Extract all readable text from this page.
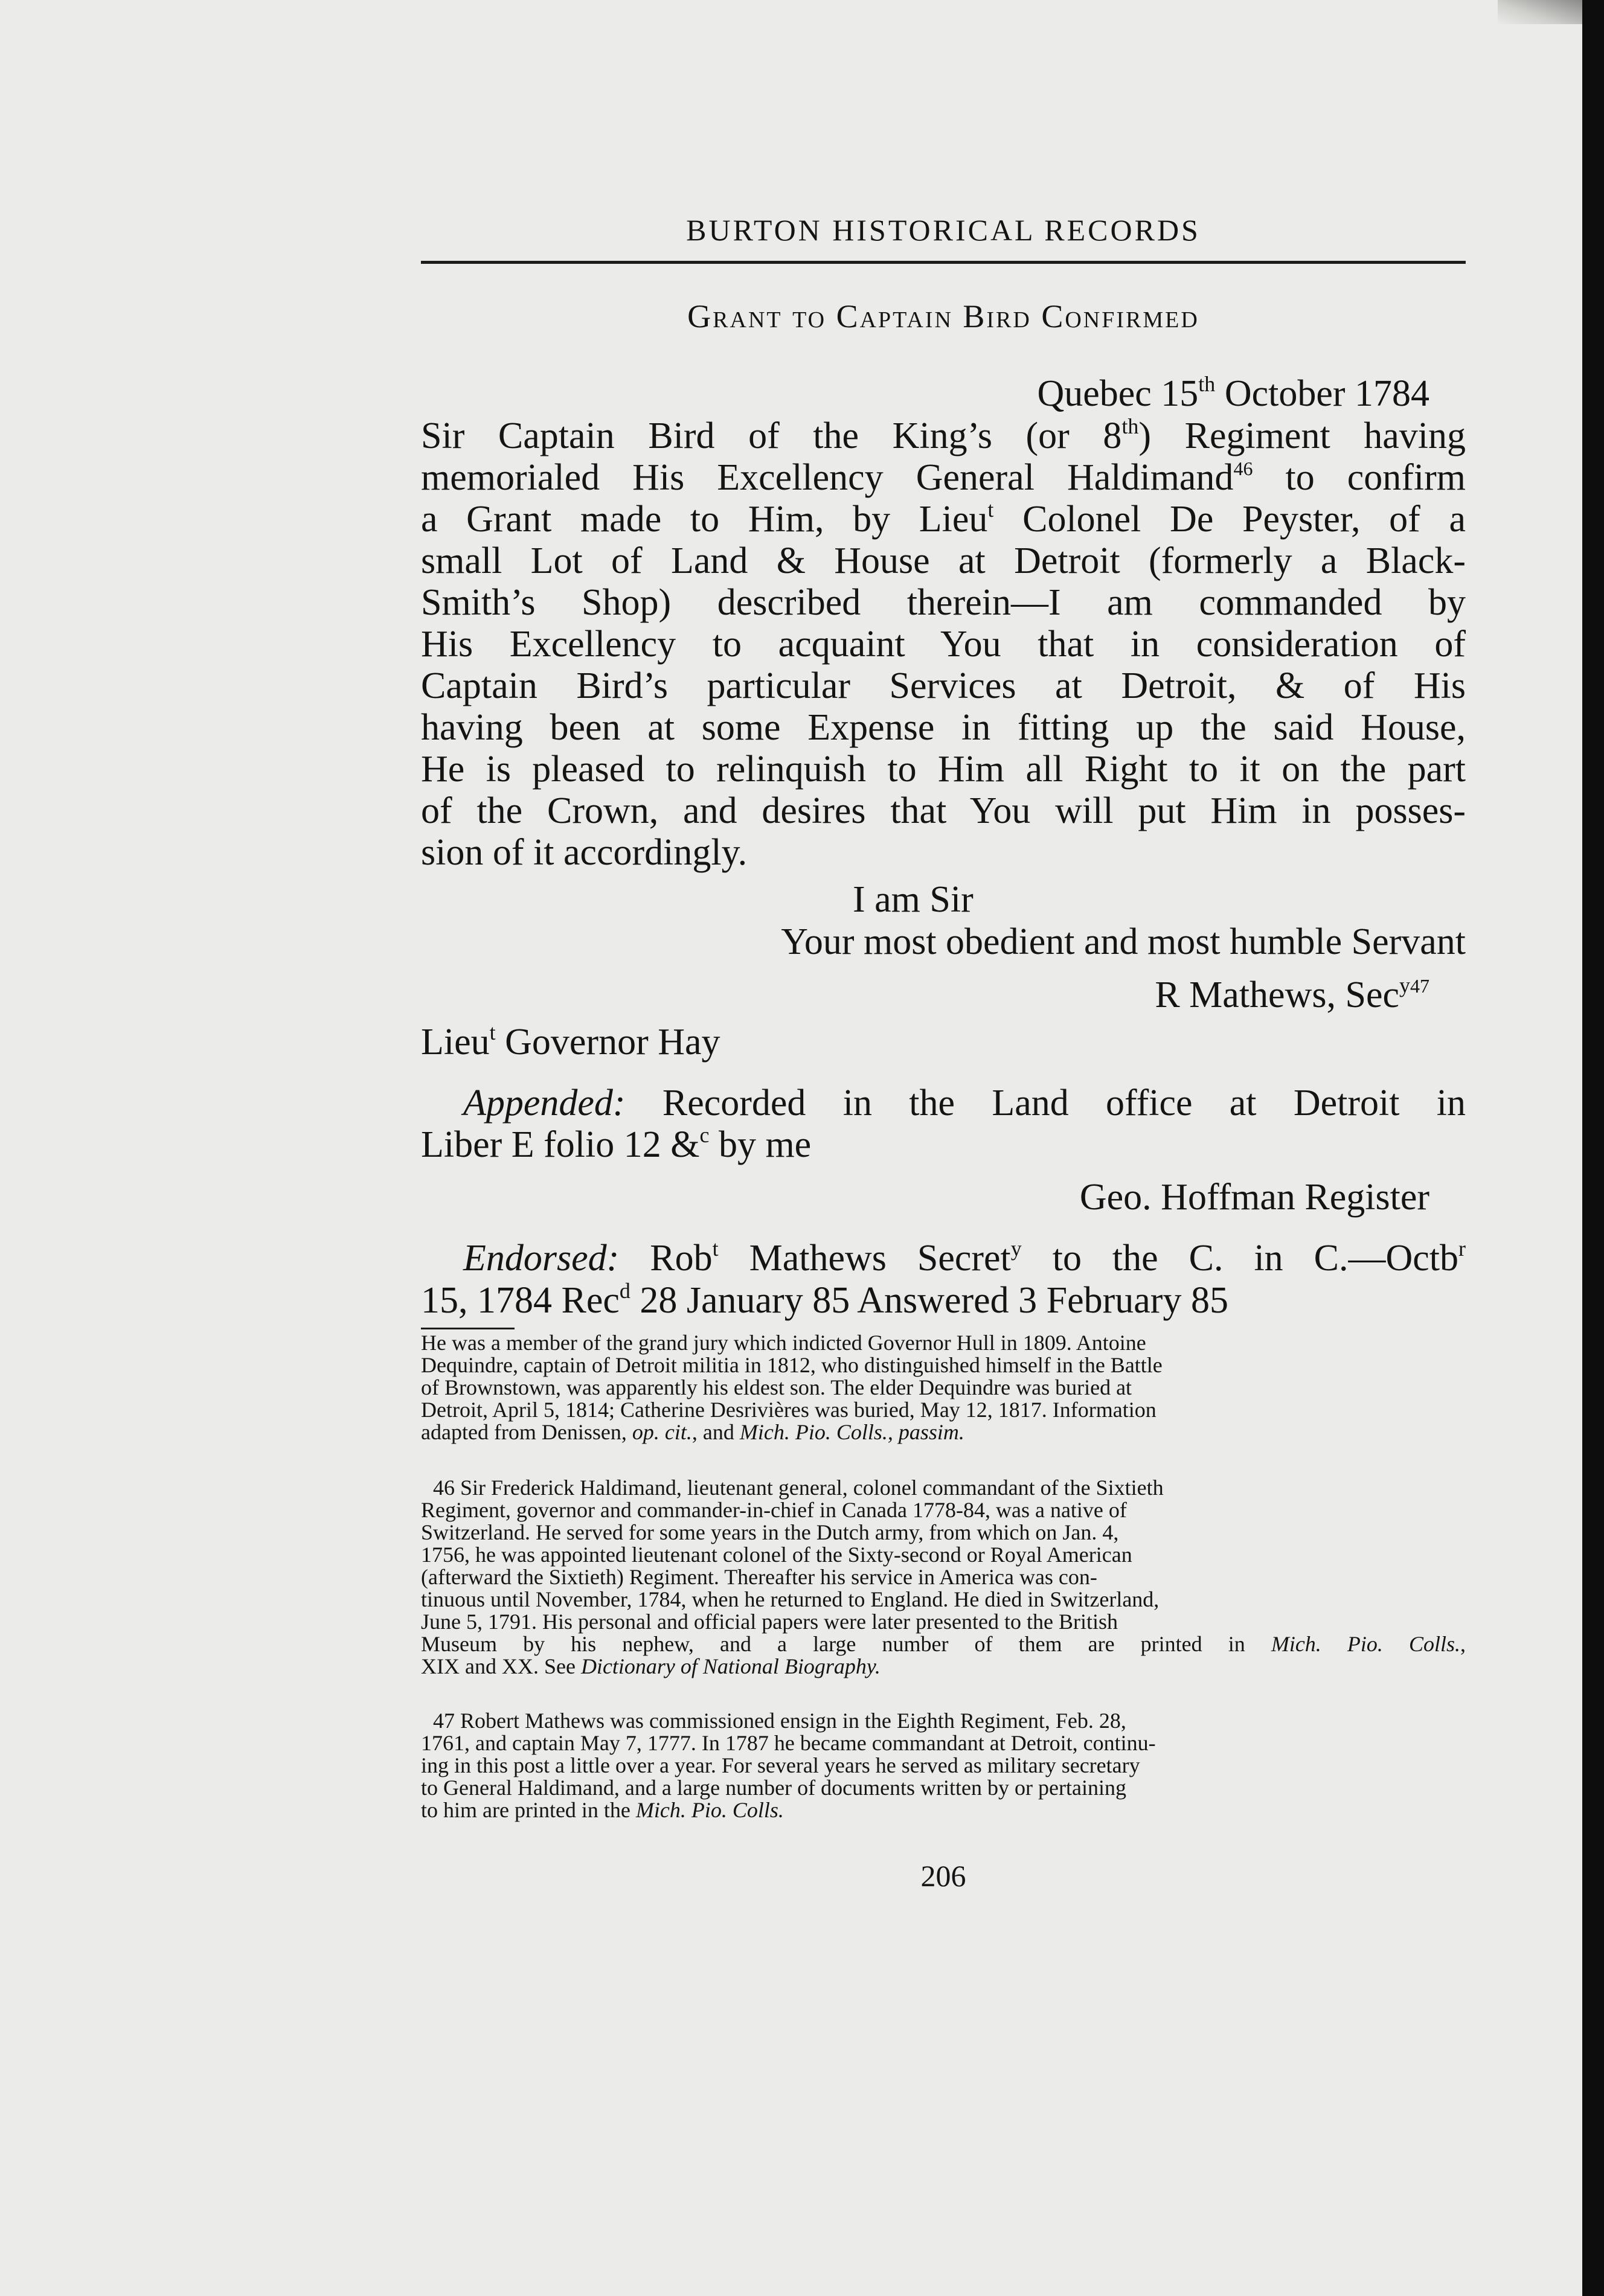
BURTON HISTORICAL RECORDS
Grant to Captain Bird Confirmed
Quebec 15th October 1784
Sir Captain Bird of the King’s (or 8th) Regiment having
memorialed His Excellency General Haldimand$^{46}$ to confirm
a Grant made to Him, by Lieu$^t$ Colonel De Peyster, of a
small Lot of Land & House at Detroit (formerly a Black-
Smith’s Shop) described therein—I am commanded by
His Excellency to acquaint You that in consideration of
Captain Bird’s particular Services at Detroit, & of His
having been at some Expense in fitting up the said House,
He is pleased to relinquish to Him all Right to it on the part
of the Crown, and desires that You will put Him in posses-
sion of it accordingly.
I am Sir
Your most obedient and most humble Servant
R Mathews, Sec$^{y47}$
Lieu$^t$ Governor Hay
Appended: Recorded in the Land office at Detroit in
Liber E folio 12 &$^c$ by me
Geo. Hoffman Register
Endorsed: Rob$^t$ Mathews Secret$^y$ to the C. in C.—Octb$^r$
15, 1784 Rec$^d$ 28 January 85 Answered 3 February 85
He was a member of the grand jury which indicted Governor Hull in 1809. Antoine
Dequindre, captain of Detroit militia in 1812, who distinguished himself in the Battle
of Brownstown, was apparently his eldest son. The elder Dequindre was buried at
Detroit, April 5, 1814; Catherine Desrivières was buried, May 12, 1817. Information
adapted from Denissen, op. cit., and Mich. Pio. Colls., passim.
46 Sir Frederick Haldimand, lieutenant general, colonel commandant of the Sixtieth
Regiment, governor and commander-in-chief in Canada 1778-84, was a native of
Switzerland. He served for some years in the Dutch army, from which on Jan. 4,
1756, he was appointed lieutenant colonel of the Sixty-second or Royal American
(afterward the Sixtieth) Regiment. Thereafter his service in America was con-
tinuous until November, 1784, when he returned to England. He died in Switzerland,
June 5, 1791. His personal and official papers were later presented to the British
Museum by his nephew, and a large number of them are printed in Mich. Pio. Colls.,
XIX and XX. See Dictionary of National Biography.
47 Robert Mathews was commissioned ensign in the Eighth Regiment, Feb. 28,
1761, and captain May 7, 1777. In 1787 he became commandant at Detroit, continu-
ing in this post a little over a year. For several years he served as military secretary
to General Haldimand, and a large number of documents written by or pertaining
to him are printed in the Mich. Pio. Colls.
206
